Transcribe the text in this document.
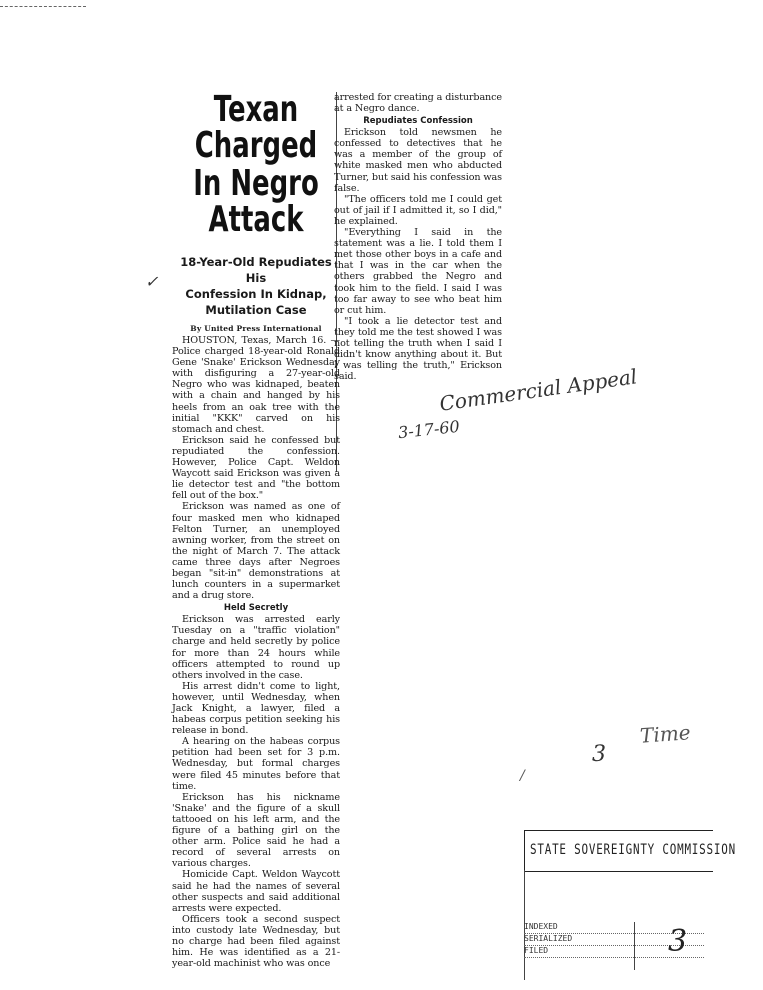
Texan Charged
In Negro Attack
18-Year-Old Repudiates His
Confession In Kidnap,
Mutilation Case
By United Press International

HOUSTON, Texas, March 16. — Police charged 18-year-old Ronald Gene 'Snake' Erickson Wednesday with disfiguring a 27-year-old Negro who was kidnaped, beaten with a chain and hanged by his heels from an oak tree with the initial "KKK" carved on his stomach and chest.

Erickson said he confessed but repudiated the confession. However, Police Capt. Weldon Waycott said Erickson was given a lie detector test and "the bottom fell out of the box."

Erickson was named as one of four masked men who kidnaped Felton Turner, an unemployed awning worker, from the street on the night of March 7. The attack came three days after Negroes began "sit-in" demonstrations at lunch counters in a supermarket and a drug store.

Held Secretly

Erickson was arrested early Tuesday on a "traffic violation" charge and held secretly by police for more than 24 hours while officers attempted to round up others involved in the case.

His arrest didn't come to light, however, until Wednesday, when Jack Knight, a lawyer, filed a habeas corpus petition seeking his release in bond.

A hearing on the habeas corpus petition had been set for 3 p.m. Wednesday, but formal charges were filed 45 minutes before that time.

Erickson has his nickname 'Snake' and the figure of a skull tattooed on his left arm, and the figure of a bathing girl on the other arm. Police said he had a record of several arrests on various charges.

Homicide Capt. Weldon Waycott said he had the names of several other suspects and said additional arrests were expected.

Officers took a second suspect into custody late Wednesday, but no charge had been filed against him. He was identified as a 21-year-old machinist who was once

arrested for creating a disturbance at a Negro dance.

Repudiates Confession

Erickson told newsmen he confessed to detectives that he was a member of the group of white masked men who abducted Turner, but said his confession was false.

"The officers told me I could get out of jail if I admitted it, so I did," he explained.

"Everything I said in the statement was a lie. I told them I met those other boys in a cafe and that I was in the car when the others grabbed the Negro and took him to the field. I said I was too far away to see who beat him or cut him.

"I took a lie detector test and they told me the test showed I was not telling the truth when I said I didn't know anything about it. But I was telling the truth," Erickson said.

✓
Commercial Appeal
3-17-60
3
Time
/
STATE SOVEREIGNTY COMMISSION
INDEXED
SERIALIZED
FILED	3
